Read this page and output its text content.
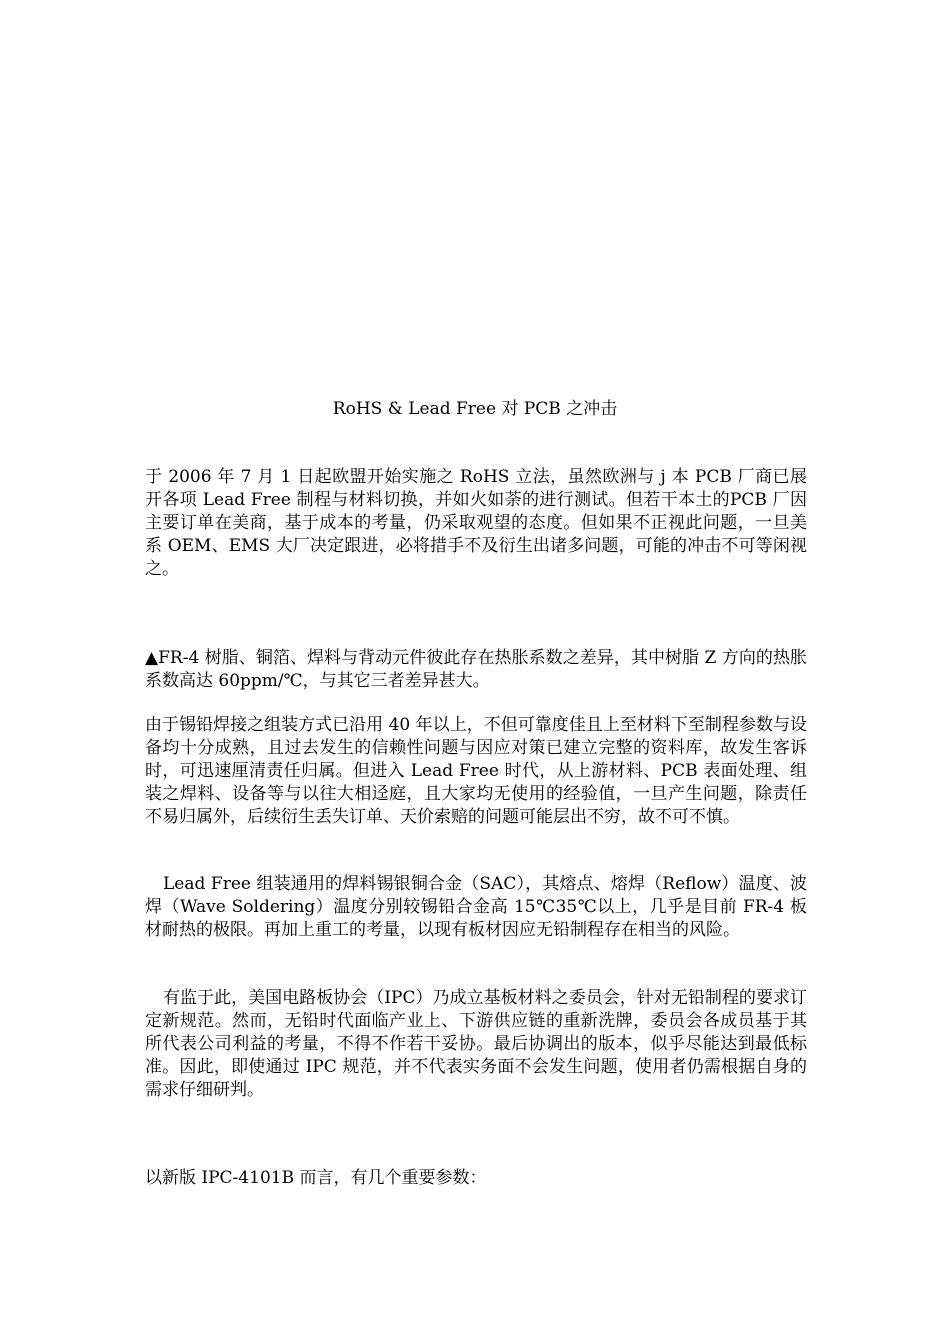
RoHS & Lead Free 对 PCB 之冲击

于 2006 年 7 月 1 日起欧盟开始实施之 RoHS 立法，虽然欧洲与 j 本 PCB 厂商已展开各项 Lead Free 制程与材料切换，并如火如荼的进行测试。但若干本土的PCB 厂因主要订单在美商，基于成本的考量，仍采取观望的态度。但如果不正视此问题，一旦美系 OEM、EMS 大厂决定跟进，必将措手不及衍生出诸多问题，可能的冲击不可等闲视之。

▲FR-4 树脂、铜箔、焊料与背动元件彼此存在热胀系数之差异，其中树脂 Z 方向的热胀系数高达 60ppm/℃，与其它三者差异甚大。

由于锡铅焊接之组装方式已沿用 40 年以上，不但可靠度佳且上至材料下至制程参数与设备均十分成熟，且过去发生的信赖性问题与因应对策已建立完整的资料库，故发生客诉时，可迅速厘清责任归属。但进入 Lead Free 时代，从上游材料、PCB 表面处理、组装之焊料、设备等与以往大相迳庭，且大家均无使用的经验值，一旦产生问题，除责任不易归属外，后续衍生丢失订单、天价索赔的问题可能层出不穷，故不可不慎。

Lead Free 组装通用的焊料锡银铜合金（SAC），其熔点、熔焊（Reflow）温度、波焊（Wave Soldering）温度分别较锡铅合金高 15℃35℃以上，几乎是目前 FR-4 板材耐热的极限。再加上重工的考量，以现有板材因应无铅制程存在相当的风险。

有监于此，美国电路板协会（IPC）乃成立基板材料之委员会，针对无铅制程的要求订定新规范。然而，无铅时代面临产业上、下游供应链的重新洗牌，委员会各成员基于其所代表公司利益的考量，不得不作若干妥协。最后协调出的版本，似乎尽能达到最低标准。因此，即使通过 IPC 规范，并不代表实务面不会发生问题，使用者仍需根据自身的需求仔细研判。

以新版 IPC-4101B 而言，有几个重要参数：
